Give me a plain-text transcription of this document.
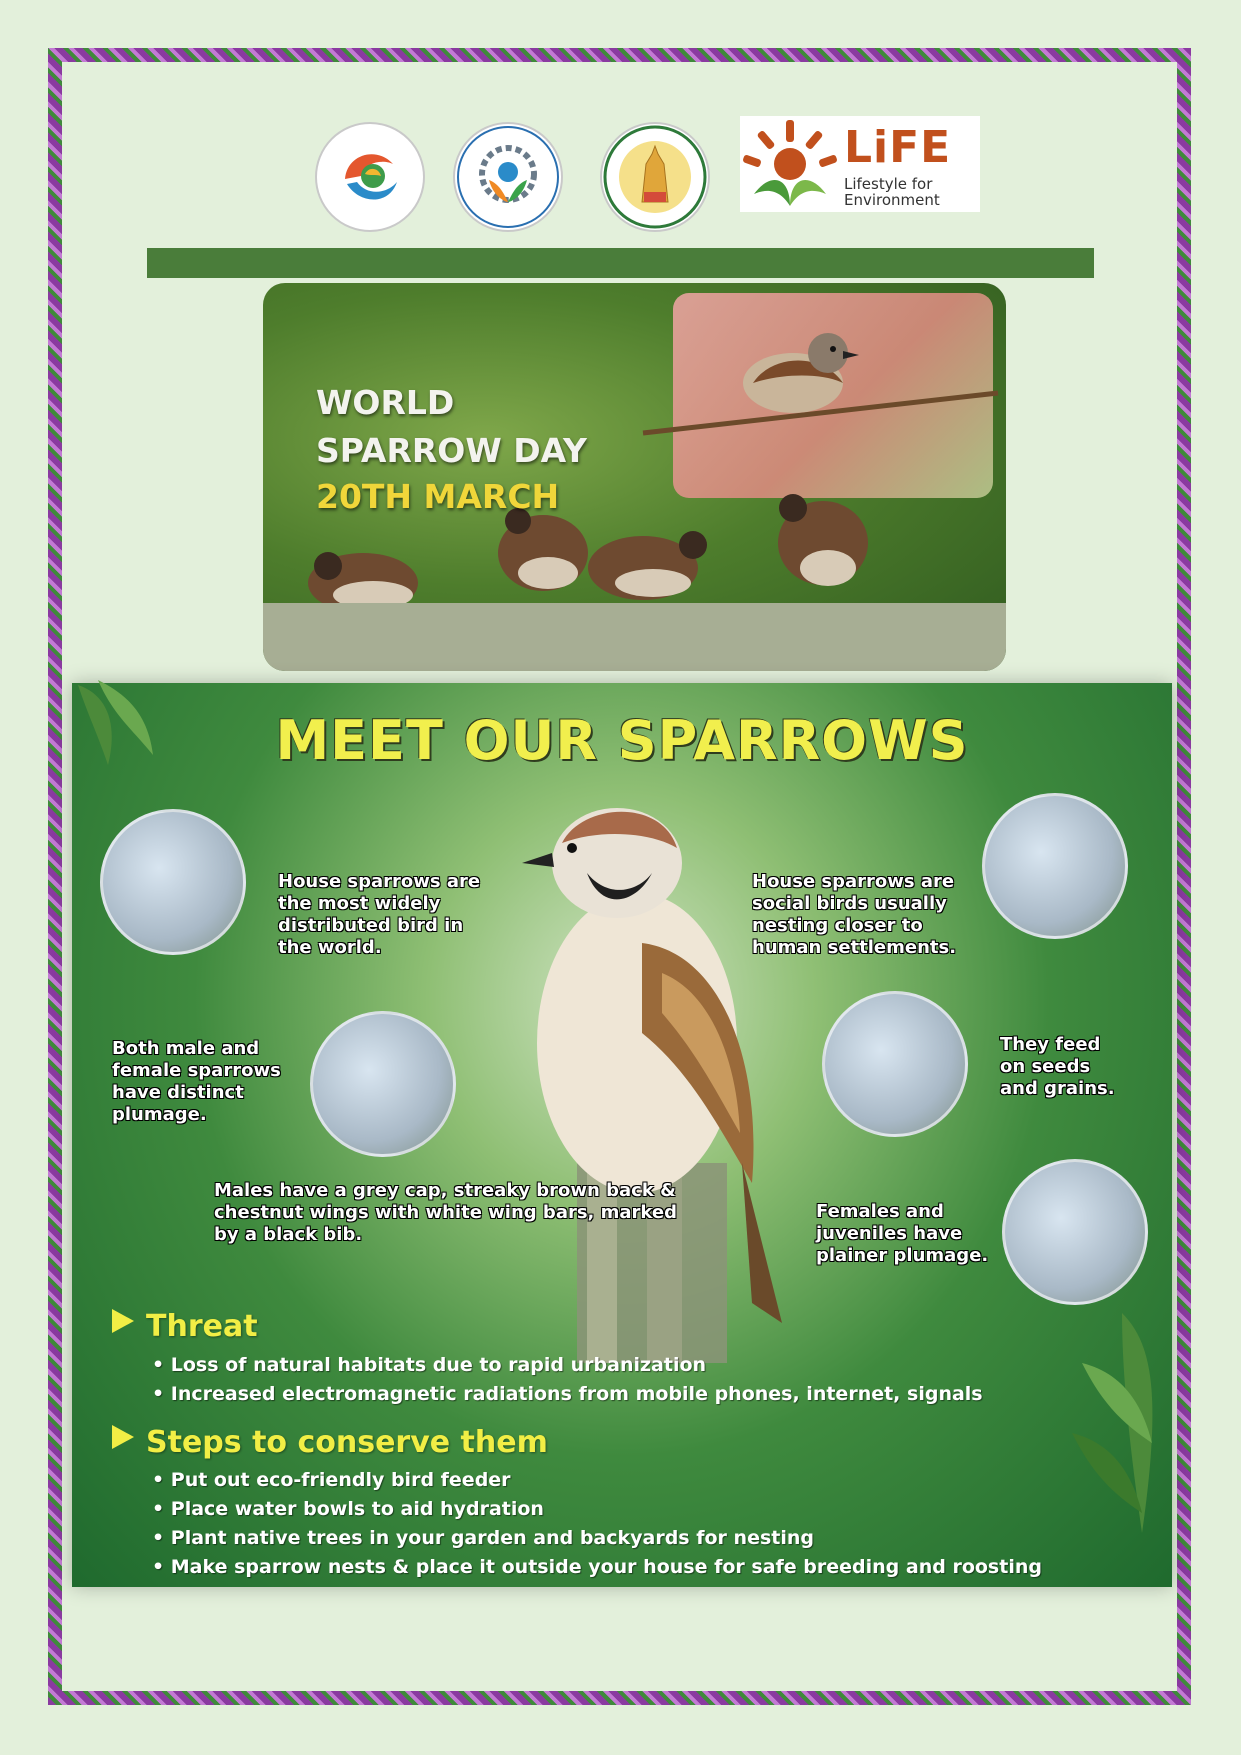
LiFE
Lifestyle for Environment
WORLD
SPARROW DAY
20TH MARCH
MEET OUR SPARROWS
House sparrows are the most widely distributed bird in the world.
House sparrows are social birds usually nesting closer to human settlements.
Both male and female sparrows have distinct plumage.
They feed on seeds and grains.
Males have a grey cap, streaky brown back & chestnut wings with white wing bars, marked by a black bib.
Females and juveniles have plainer plumage.
Threat
• Loss of natural habitats due to rapid urbanization
• Increased electromagnetic radiations from mobile phones, internet, signals
Steps to conserve them
• Put out eco-friendly bird feeder
• Place water bowls to aid hydration
• Plant native trees in your garden and backyards for nesting
• Make sparrow nests & place it outside your house for safe breeding and roosting
